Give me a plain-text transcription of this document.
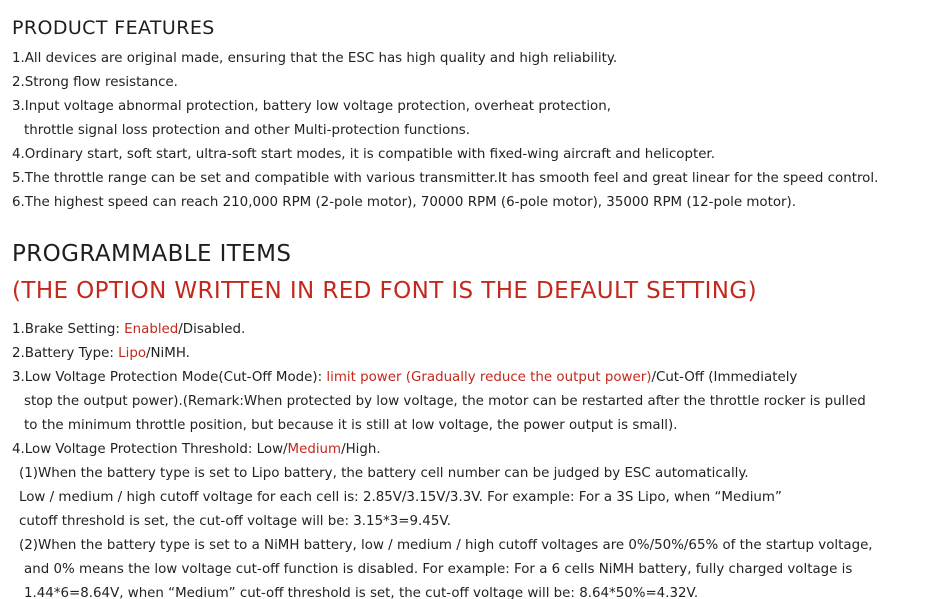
PRODUCT FEATURES
1.All devices are original made, ensuring that the ESC has high quality and high reliability.
2.Strong flow resistance.
3.Input voltage abnormal protection, battery low voltage protection, overheat protection,
throttle signal loss protection and other Multi-protection functions.
4.Ordinary start, soft start, ultra-soft start modes, it is compatible with fixed-wing aircraft and helicopter.
5.The throttle range can be set and compatible with various transmitter.It has smooth feel and great linear for the speed control.
6.The highest speed can reach 210,000 RPM (2-pole motor), 70000 RPM (6-pole motor), 35000 RPM (12-pole motor).
PROGRAMMABLE ITEMS
(THE OPTION WRITTEN IN RED FONT IS THE DEFAULT SETTING)
1.Brake Setting: Enabled/Disabled.
2.Battery Type: Lipo/NiMH.
3.Low Voltage Protection Mode(Cut-Off Mode): limit power (Gradually reduce the output power)/Cut-Off (Immediately
stop the output power).(Remark:When protected by low voltage, the motor can be restarted after the throttle rocker is pulled
to the minimum throttle position, but because it is still at low voltage, the power output is small).
4.Low Voltage Protection Threshold: Low/Medium/High.
(1)When the battery type is set to Lipo battery, the battery cell number can be judged by ESC automatically.
Low / medium / high cutoff voltage for each cell is: 2.85V/3.15V/3.3V. For example: For a 3S Lipo, when “Medium”
cutoff threshold is set, the cut-off voltage will be: 3.15*3=9.45V.
(2)When the battery type is set to a NiMH battery, low / medium / high cutoff voltages are 0%/50%/65% of the startup voltage,
and 0% means the low voltage cut-off function is disabled. For example: For a 6 cells NiMH battery, fully charged voltage is
1.44*6=8.64V, when “Medium” cut-off threshold is set, the cut-off voltage will be: 8.64*50%=4.32V.
